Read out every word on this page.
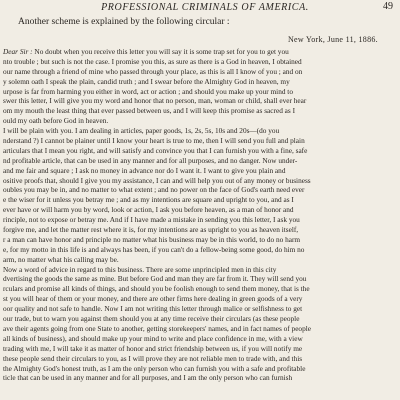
PROFESSIONAL CRIMINALS OF AMERICA.	49
Another scheme is explained by the following circular :
New York, June 11, 1886.
Dear Sir : No doubt when you receive this letter you will say it is some trap set for you to get you
nto trouble ; but such is not the case. I promise you this, as sure as there is a God in heaven, I obtained
our name through a friend of mine who passed through your place, as this is all I know of you ; and on
y solemn oath I speak the plain, candid truth ; and I swear before the Almighty God in heaven, my
urpose is far from harming you either in word, act or action ; and should you make up your mind to
swer this letter, I will give you my word and honor that no person, man, woman or child, shall ever hear
om my mouth the least thing that ever passed between us, and I will keep this promise as sacred as I
ould my oath before God in heaven.
I will be plain with you. I am dealing in articles, paper goods, 1s, 2s, 5s, 10s and 20s—(do you
nderstand ?) I cannot be plainer until I know your heart is true to me, then I will send you full and plain
articulars that I mean you right, and will satisfy and convince you that I can furnish you with a fine, safe
nd profitable article, that can be used in any manner and for all purposes, and no danger. Now under-
and me fair and square ; I ask no money in advance nor do I want it. I want to give you plain and
ositive proofs that, should I give you my assistance, I can and will help you out of any money or business
oubles you may be in, and no matter to what extent ; and no power on the face of God's earth need ever
e the wiser for it unless you betray me ; and as my intentions are square and upright to you, and as I
ever have or will harm you by word, look or action, I ask you before heaven, as a man of honor and
rinciple, not to expose or betray me. And if I have made a mistake in sending you this letter, I ask you
forgive me, and let the matter rest where it is, for my intentions are as upright to you as heaven itself,
r a man can have honor and principle no matter what his business may be in this world, to do no harm
e, for my motto in this life is and always has been, if you can't do a fellow-being some good, do him no
arm, no matter what his calling may be.
Now a word of advice in regard to this business. There are some unprincipled men in this city
dvertising the goods the same as mine. But before God and man they are far from it. They will send you
rculars and promise all kinds of things, and should you be foolish enough to send them money, that is the
st you will hear of them or your money, and there are other firms here dealing in green goods of a very
oor quality and not safe to handle. Now I am not writing this letter through malice or selfishness to get
our trade, but to warn you against them should you at any time receive their circulars (as these people
ave their agents going from one State to another, getting storekeepers' names, and in fact names of people
all kinds of business), and should make up your mind to write and place confidence in me, with a view
trading with me, I will take it as matter of honor and strict friendship between us, if you will notify me
these people send their circulars to you, as I will prove they are not reliable men to trade with, and this
the Almighty God's honest truth, as I am the only person who can furnish you with a safe and profitable
ticle that can be used in any manner and for all purposes, and I am the only person who can furnish
